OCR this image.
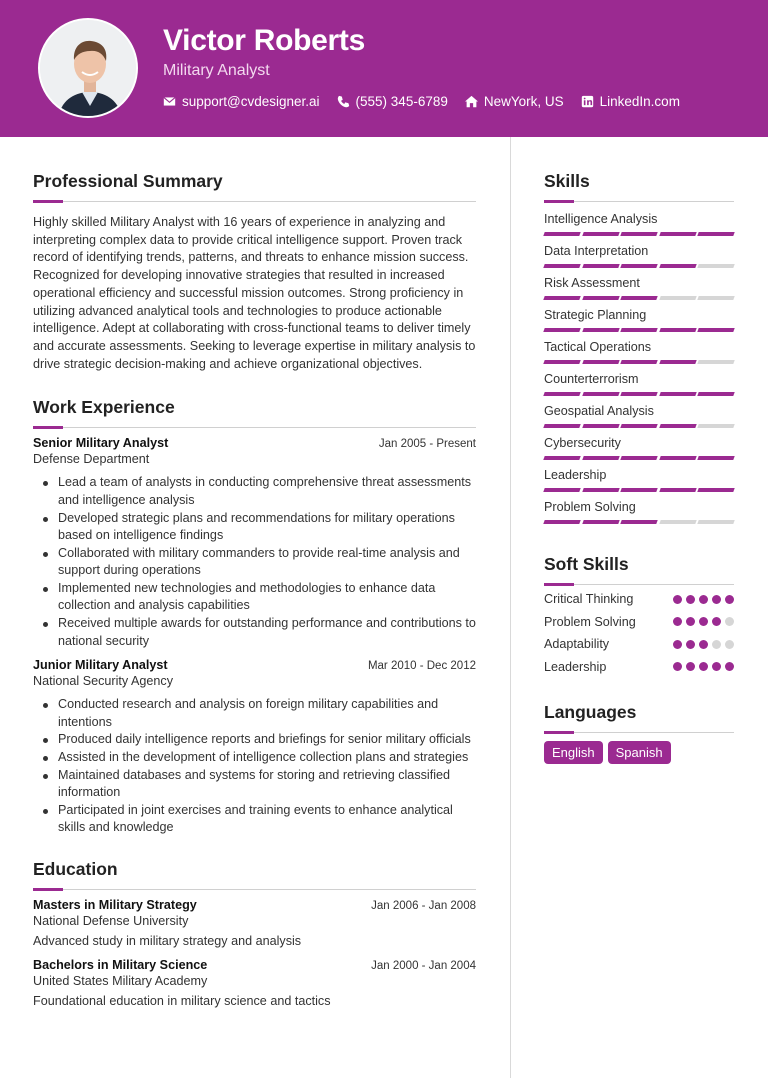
Victor Roberts
Military Analyst
support@cvdesigner.ai	(555) 345-6789	NewYork, US	LinkedIn.com
Professional Summary
Highly skilled Military Analyst with 16 years of experience in analyzing and interpreting complex data to provide critical intelligence support. Proven track record of identifying trends, patterns, and threats to enhance mission success. Recognized for developing innovative strategies that resulted in increased operational efficiency and successful mission outcomes. Strong proficiency in utilizing advanced analytical tools and technologies to produce actionable intelligence. Adept at collaborating with cross-functional teams to deliver timely and accurate assessments. Seeking to leverage expertise in military analysis to drive strategic decision-making and achieve organizational objectives.
Work Experience
Senior Military Analyst	Jan 2005 - Present
Defense Department
Lead a team of analysts in conducting comprehensive threat assessments and intelligence analysis
Developed strategic plans and recommendations for military operations based on intelligence findings
Collaborated with military commanders to provide real-time analysis and support during operations
Implemented new technologies and methodologies to enhance data collection and analysis capabilities
Received multiple awards for outstanding performance and contributions to national security
Junior Military Analyst	Mar 2010 - Dec 2012
National Security Agency
Conducted research and analysis on foreign military capabilities and intentions
Produced daily intelligence reports and briefings for senior military officials
Assisted in the development of intelligence collection plans and strategies
Maintained databases and systems for storing and retrieving classified information
Participated in joint exercises and training events to enhance analytical skills and knowledge
Education
Masters in Military Strategy	Jan 2006 - Jan 2008
National Defense University
Advanced study in military strategy and analysis
Bachelors in Military Science	Jan 2000 - Jan 2004
United States Military Academy
Foundational education in military science and tactics
Skills
Intelligence Analysis
Data Interpretation
Risk Assessment
Strategic Planning
Tactical Operations
Counterterrorism
Geospatial Analysis
Cybersecurity
Leadership
Problem Solving
Soft Skills
Critical Thinking
Problem Solving
Adaptability
Leadership
Languages
English	Spanish
